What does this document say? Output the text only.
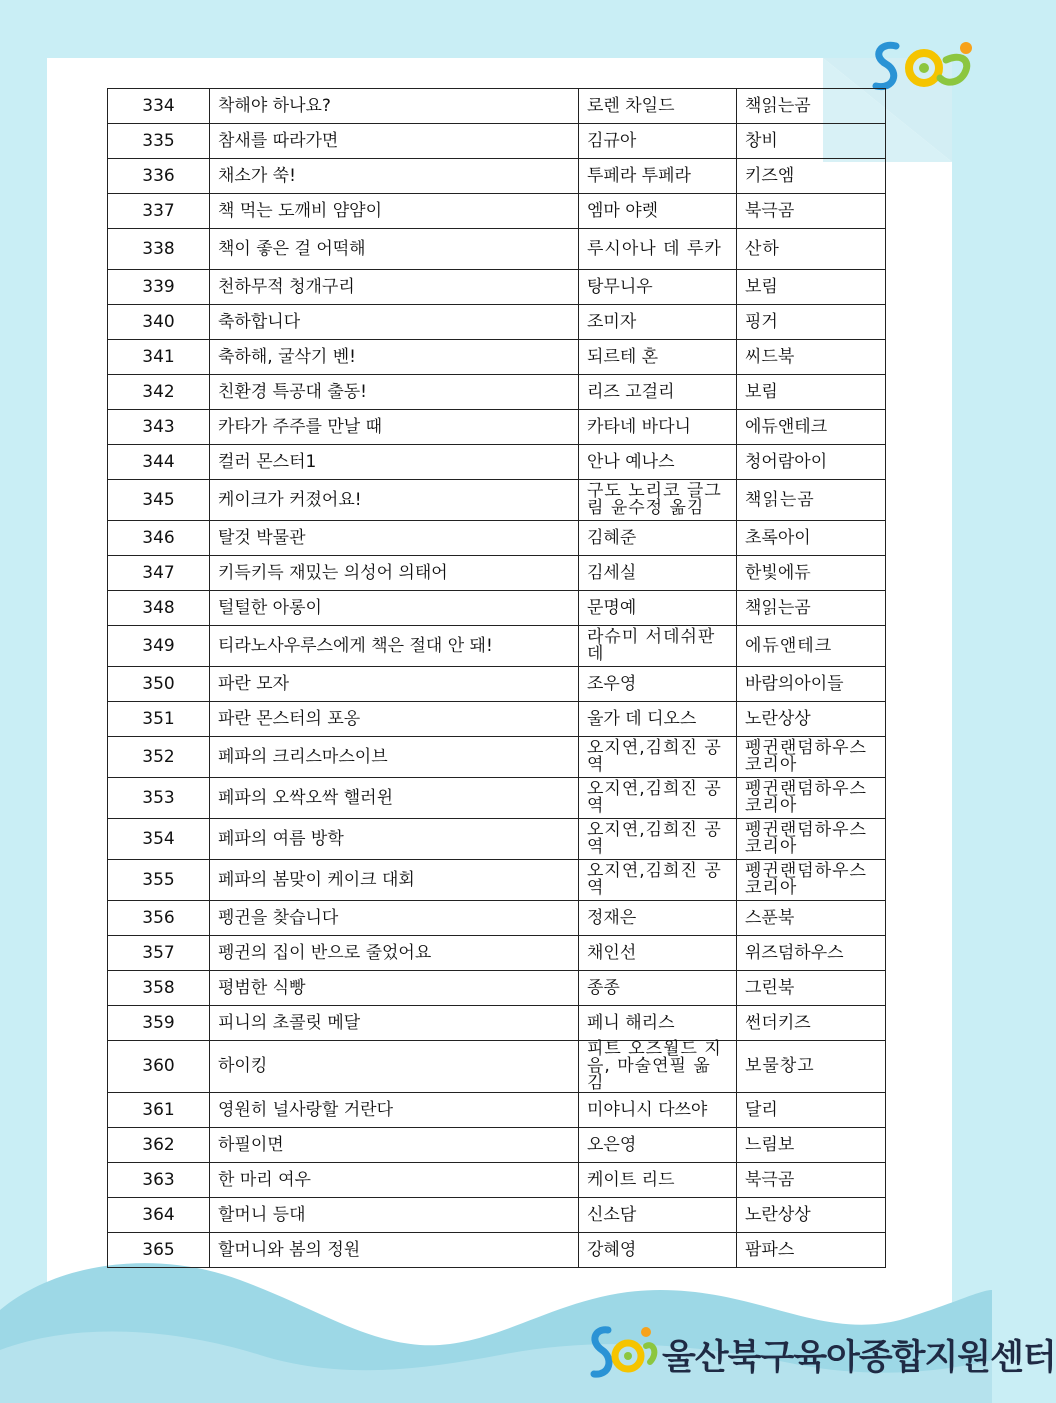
334	착해야 하나요?	로렌 차일드	책읽는곰
335	참새를 따라가면	김규아	창비
336	채소가 쑥!	투페라 투페라	키즈엠
337	책 먹는 도깨비 얌얌이	엠마 야렛	북극곰
338	책이 좋은 걸 어떡해	루시아나 데 루카	산하
339	천하무적 청개구리	탕무니우	보림
340	축하합니다	조미자	핑거
341	축하해, 굴삭기 벤!	되르테 혼	씨드북
342	친환경 특공대 출동!	리즈 고걸리	보림
343	카타가 주주를 만날 때	카타네 바다니	에듀앤테크
344	컬러 몬스터1	안나 예나스	청어람아이
345	케이크가 커졌어요!	구도 노리코 글그림 윤수정 옮김	책읽는곰
346	탈것 박물관	김혜준	초록아이
347	키득키득 재밌는 의성어 의태어	김세실	한빛에듀
348	털털한 아롱이	문명예	책읽는곰
349	티라노사우루스에게 책은 절대 안 돼!	라슈미 서데쉬판데	에듀앤테크
350	파란 모자	조우영	바람의아이들
351	파란 몬스터의 포옹	울가 데 디오스	노란상상
352	페파의 크리스마스이브	오지연,김희진 공역	펭귄랜덤하우스코리아
353	페파의 오싹오싹 핼러윈	오지연,김희진 공역	펭귄랜덤하우스코리아
354	페파의 여름 방학	오지연,김희진 공역	펭귄랜덤하우스코리아
355	페파의 봄맞이 케이크 대회	오지연,김희진 공역	펭귄랜덤하우스코리아
356	펭귄을 찾습니다	정재은	스푼북
357	펭귄의 집이 반으로 줄었어요	채인선	위즈덤하우스
358	평범한 식빵	종종	그린북
359	피니의 초콜릿 메달	페니 해리스	썬더키즈
360	하이킹	피트 오즈월드 지음, 마술연필 옮김	보물창고
361	영원히 널사랑할 거란다	미야니시 다쓰야	달리
362	하필이면	오은영	느림보
363	한 마리 여우	케이트 리드	북극곰
364	할머니 등대	신소담	노란상상
365	할머니와 봄의 정원	강혜영	팜파스
울산북구육아종합지원센터
